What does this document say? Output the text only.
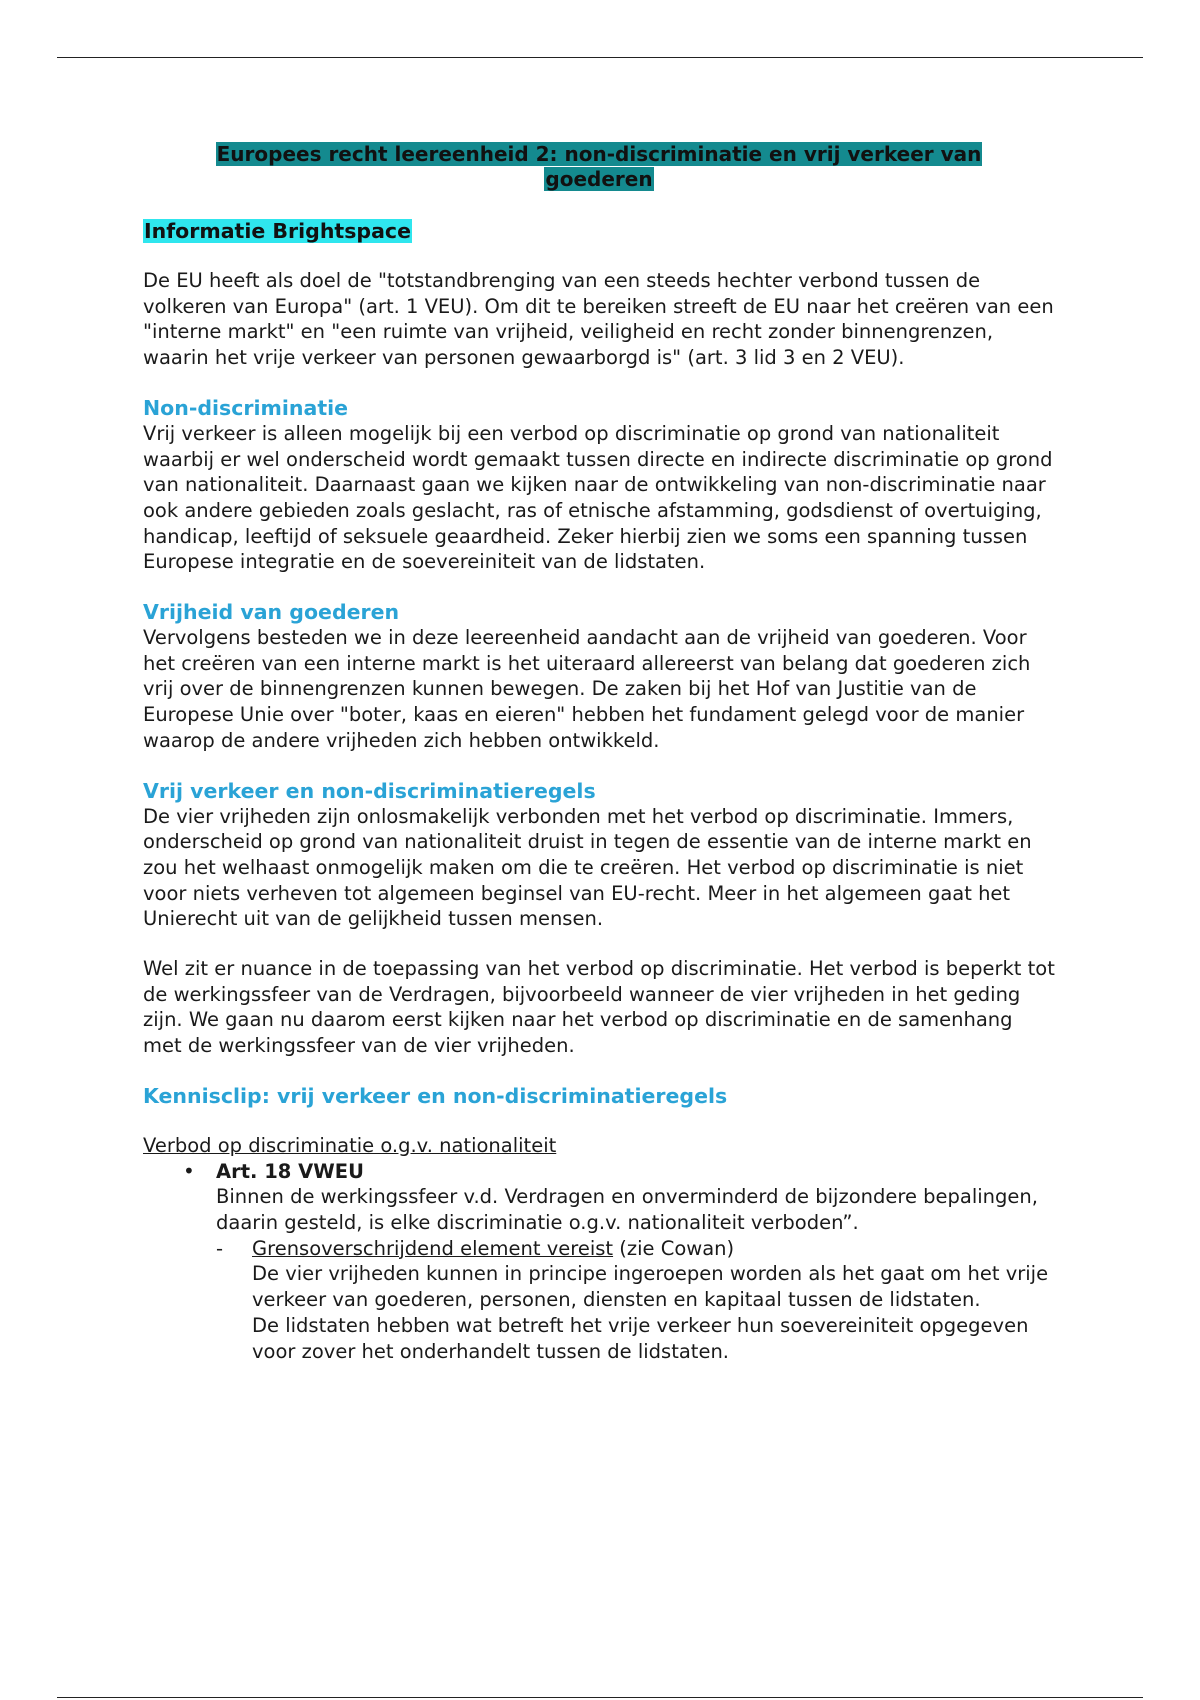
Europees recht leereenheid 2: non-discriminatie en vrij verkeer van
goederen
Informatie Brightspace

De EU heeft als doel de "totstandbrenging van een steeds hechter verbond tussen de volkeren van Europa" (art. 1 VEU). Om dit te bereiken streeft de EU naar het creëren van een "interne markt" en "een ruimte van vrijheid, veiligheid en recht zonder binnengrenzen, waarin het vrije verkeer van personen gewaarborgd is" (art. 3 lid 3 en 2 VEU).

Non-discriminatie

Vrij verkeer is alleen mogelijk bij een verbod op discriminatie op grond van nationaliteit waarbij er wel onderscheid wordt gemaakt tussen directe en indirecte discriminatie op grond van nationaliteit. Daarnaast gaan we kijken naar de ontwikkeling van non-discriminatie naar ook andere gebieden zoals geslacht, ras of etnische afstamming, godsdienst of overtuiging, handicap, leeftijd of seksuele geaardheid. Zeker hierbij zien we soms een spanning tussen Europese integratie en de soevereiniteit van de lidstaten.

Vrijheid van goederen

Vervolgens besteden we in deze leereenheid aandacht aan de vrijheid van goederen. Voor het creëren van een interne markt is het uiteraard allereerst van belang dat goederen zich vrij over de binnengrenzen kunnen bewegen. De zaken bij het Hof van Justitie van de Europese Unie over "boter, kaas en eieren" hebben het fundament gelegd voor de manier waarop de andere vrijheden zich hebben ontwikkeld.

Vrij verkeer en non-discriminatieregels

De vier vrijheden zijn onlosmakelijk verbonden met het verbod op discriminatie. Immers, onderscheid op grond van nationaliteit druist in tegen de essentie van de interne markt en zou het welhaast onmogelijk maken om die te creëren. Het verbod op discriminatie is niet voor niets verheven tot algemeen beginsel van EU-recht. Meer in het algemeen gaat het Unierecht uit van de gelijkheid tussen mensen.

Wel zit er nuance in de toepassing van het verbod op discriminatie. Het verbod is beperkt tot de werkingssfeer van de Verdragen, bijvoorbeeld wanneer de vier vrijheden in het geding zijn. We gaan nu daarom eerst kijken naar het verbod op discriminatie en de samenhang met de werkingssfeer van de vier vrijheden.

Kennisclip: vrij verkeer en non-discriminatieregels

Verbod op discriminatie o.g.v. nationaliteit

• Art. 18 VWEU
Binnen de werkingssfeer v.d. Verdragen en onverminderd de bijzondere bepalingen, daarin gesteld, is elke discriminatie o.g.v. nationaliteit verboden”.
- Grensoverschrijdend element vereist (zie Cowan)
De vier vrijheden kunnen in principe ingeroepen worden als het gaat om het vrije verkeer van goederen, personen, diensten en kapitaal tussen de lidstaten.
De lidstaten hebben wat betreft het vrije verkeer hun soevereiniteit opgegeven voor zover het onderhandelt tussen de lidstaten.
